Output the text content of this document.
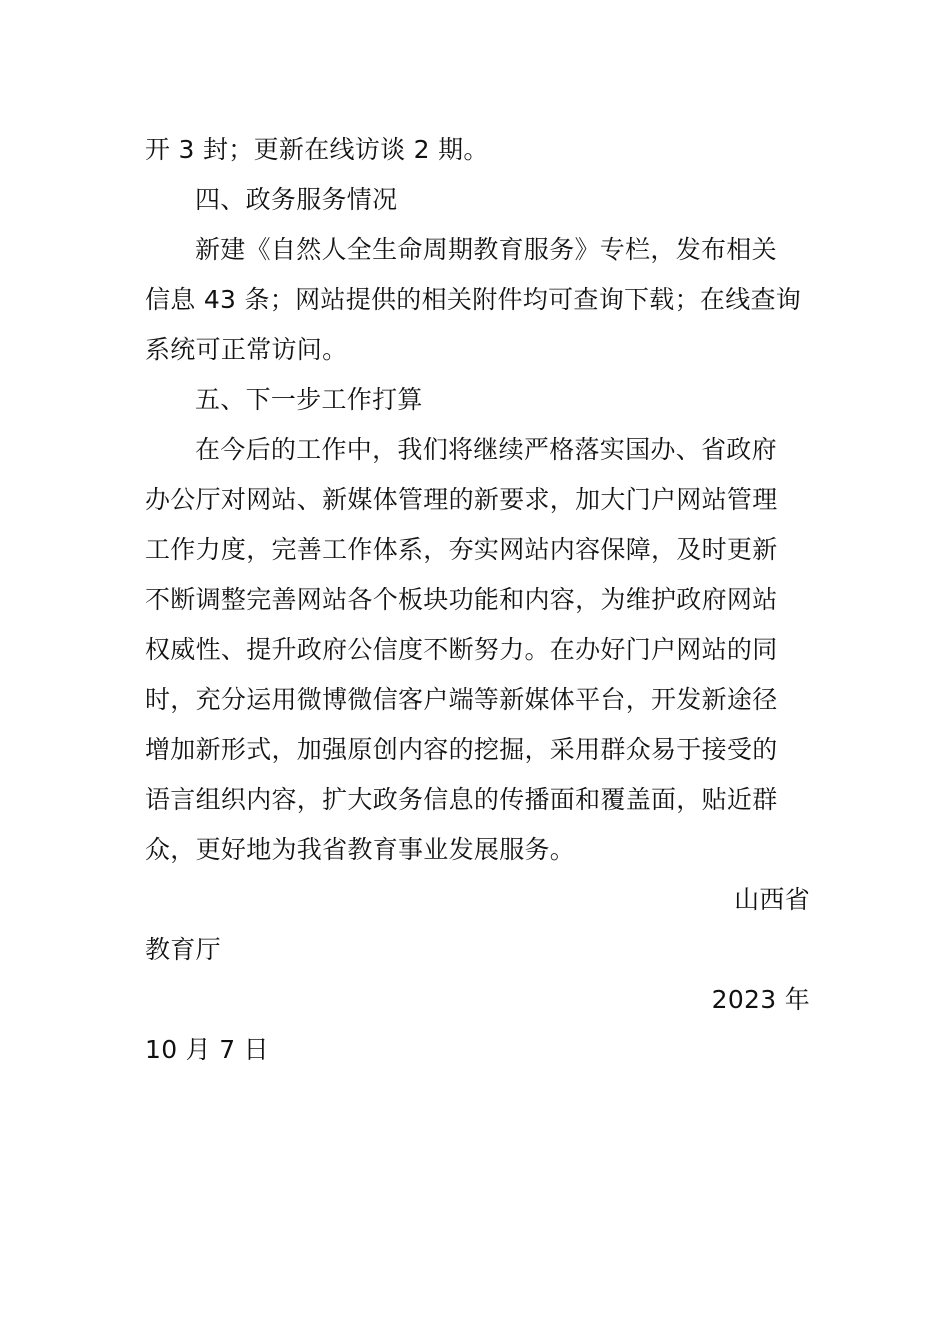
开 3 封；更新在线访谈 2 期。
四、政务服务情况
新建《自然人全生命周期教育服务》专栏，发布相关
信息 43 条；网站提供的相关附件均可查询下载；在线查询
系统可正常访问。
五、下一步工作打算
在今后的工作中，我们将继续严格落实国办、省政府
办公厅对网站、新媒体管理的新要求，加大门户网站管理
工作力度，完善工作体系，夯实网站内容保障，及时更新
不断调整完善网站各个板块功能和内容，为维护政府网站
权威性、提升政府公信度不断努力。在办好门户网站的同
时，充分运用微博微信客户端等新媒体平台，开发新途径
增加新形式，加强原创内容的挖掘，采用群众易于接受的
语言组织内容，扩大政务信息的传播面和覆盖面，贴近群
众，更好地为我省教育事业发展服务。
山西省
教育厅
2023 年
10 月 7 日
